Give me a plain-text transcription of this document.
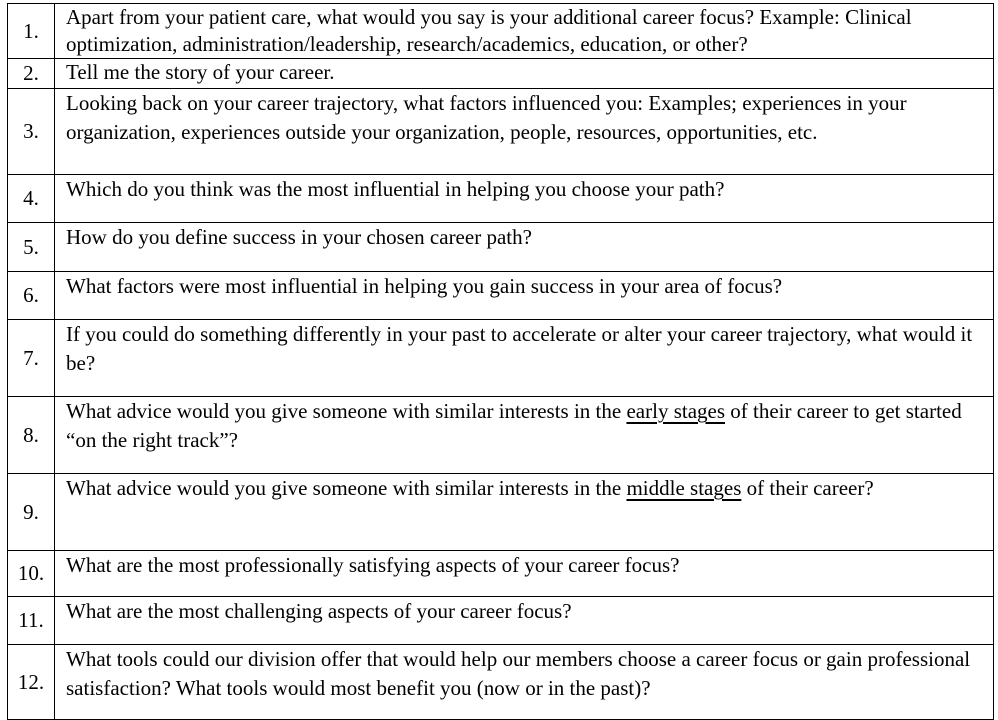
1.	Apart from your patient care, what would you say is your additional career focus? Example: Clinical optimization, administration/leadership, research/academics, education, or other?
2.	Tell me the story of your career.
3.	Looking back on your career trajectory, what factors influenced you: Examples; experiences in your organization, experiences outside your organization, people, resources, opportunities, etc.
4.	Which do you think was the most influential in helping you choose your path?
5.	How do you define success in your chosen career path?
6.	What factors were most influential in helping you gain success in your area of focus?
7.	If you could do something differently in your past to accelerate or alter your career trajectory, what would it be?
8.	What advice would you give someone with similar interests in the early stages of their career to get started “on the right track”?
9.	What advice would you give someone with similar interests in the middle stages of their career?
10.	What are the most professionally satisfying aspects of your career focus?
11.	What are the most challenging aspects of your career focus?
12.	What tools could our division offer that would help our members choose a career focus or gain professional satisfaction? What tools would most benefit you (now or in the past)?
